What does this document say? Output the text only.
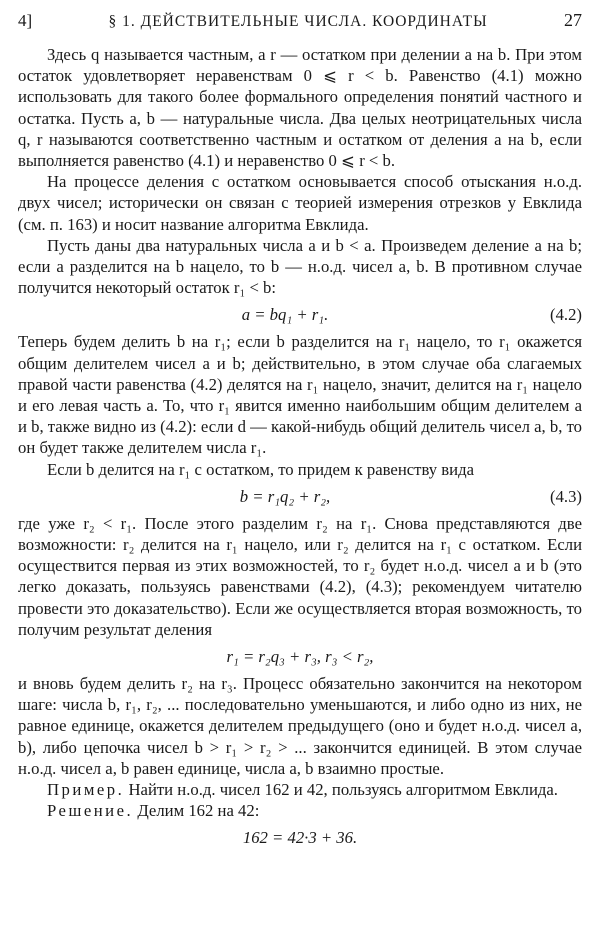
4]	§ 1. ДЕЙСТВИТЕЛЬНЫЕ ЧИСЛА. КООРДИНАТЫ	27

Здесь q называется частным, а r — остатком при делении a на b. При этом остаток удовлетворяет неравенствам 0 ⩽ r < b. Равенство (4.1) можно использовать для такого более формального определения понятий частного и остатка. Пусть a, b — натуральные числа. Два целых неотрицательных числа q, r называются соответственно частным и остатком от деления a на b, если выполняется равенство (4.1) и неравенство 0 ⩽ r < b.

На процессе деления с остатком основывается способ отыскания н.о.д. двух чисел; исторически он связан с теорией измерения отрезков у Евклида (см. п. 163) и носит название алгоритма Евклида.

Пусть даны два натуральных числа a и b < a. Произведем деление a на b; если a разделится на b нацело, то b — н.о.д. чисел a, b. В противном случае получится некоторый остаток r₁ < b:

a = bq₁ + r₁.	(4.2)

Теперь будем делить b на r₁; если b разделится на r₁ нацело, то r₁ окажется общим делителем чисел a и b; действительно, в этом случае оба слагаемых правой части равенства (4.2) делятся на r₁ нацело, значит, делится на r₁ нацело и его левая часть a. То, что r₁ явится именно наибольшим общим делителем a и b, также видно из (4.2): если d — какой-нибудь общий делитель чисел a, b, то он будет также делителем числа r₁.

Если b делится на r₁ с остатком, то придем к равенству вида

b = r₁q₂ + r₂,	(4.3)

где уже r₂ < r₁. После этого разделим r₂ на r₁. Снова представляются две возможности: r₂ делится на r₁ нацело, или r₂ делится на r₁ с остатком. Если осуществится первая из этих возможностей, то r₂ будет н.о.д. чисел a и b (это легко доказать, пользуясь равенствами (4.2), (4.3); рекомендуем читателю провести это доказательство). Если же осуществляется вторая возможность, то получим результат деления

r₁ = r₂q₃ + r₃, r₃ < r₂,

и вновь будем делить r₂ на r₃. Процесс обязательно закончится на некотором шаге: числа b, r₁, r₂, ... последовательно уменьшаются, и либо одно из них, не равное единице, окажется делителем предыдущего (оно и будет н.о.д. чисел a, b), либо цепочка чисел b > r₁ > r₂ > ... закончится единицей. В этом случае н.о.д. чисел a, b равен единице, числа a, b взаимно простые.

Пример. Найти н.о.д. чисел 162 и 42, пользуясь алгоритмом Евклида.

Решение. Делим 162 на 42:

162 = 42·3 + 36.
